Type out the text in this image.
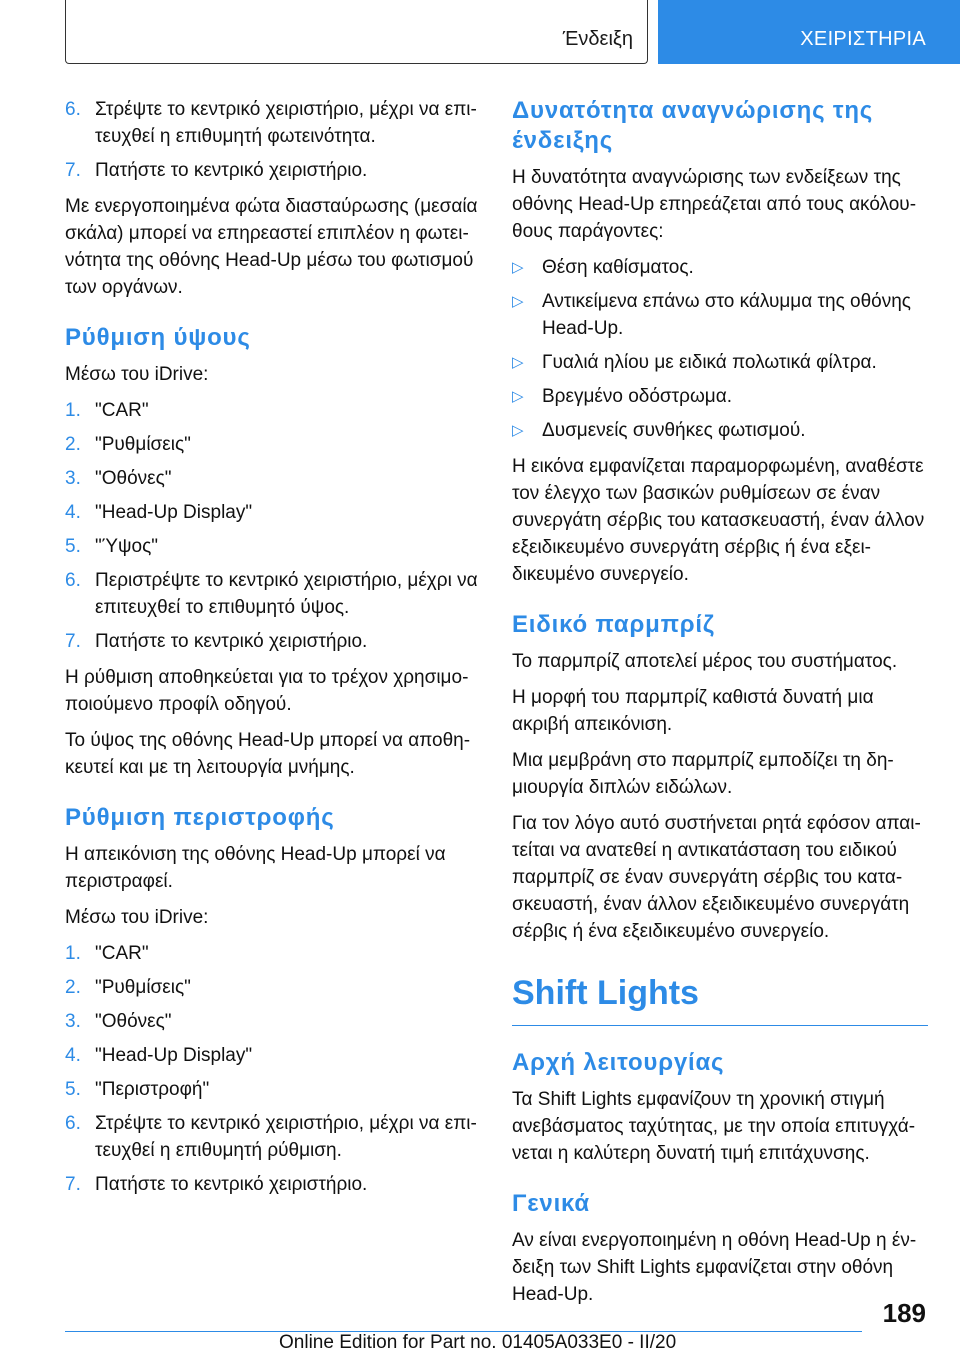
Ένδειξη	ΧΕΙΡΙΣΤΗΡΙΑ
6. Στρέψτε το κεντρικό χειριστήριο, μέχρι να επιτευχθεί η επιθυμητή φωτεινότητα.
7. Πατήστε το κεντρικό χειριστήριο.

Με ενεργοποιημένα φώτα διασταύρωσης (μεσαία σκάλα) μπορεί να επηρεαστεί επιπλέον η φωτεινότητα της οθόνης Head-Up μέσω του φωτισμού των οργάνων.

Ρύθμιση ύψους

Μέσω του iDrive:

1. "CAR"
2. "Ρυθμίσεις"
3. "Οθόνες"
4. "Head-Up Display"
5. "Ύψος"
6. Περιστρέψτε το κεντρικό χειριστήριο, μέχρι να επιτευχθεί το επιθυμητό ύψος.
7. Πατήστε το κεντρικό χειριστήριο.

Η ρύθμιση αποθηκεύεται για το τρέχον χρησιμοποιούμενο προφίλ οδηγού.

Το ύψος της οθόνης Head-Up μπορεί να αποθηκευτεί και με τη λειτουργία μνήμης.

Ρύθμιση περιστροφής

Η απεικόνιση της οθόνης Head-Up μπορεί να περιστραφεί.

Μέσω του iDrive:

1. "CAR"
2. "Ρυθμίσεις"
3. "Οθόνες"
4. "Head-Up Display"
5. "Περιστροφή"
6. Στρέψτε το κεντρικό χειριστήριο, μέχρι να επιτευχθεί η επιθυμητή ρύθμιση.
7. Πατήστε το κεντρικό χειριστήριο.
Δυνατότητα αναγνώρισης της ένδειξης

Η δυνατότητα αναγνώρισης των ενδείξεων της οθόνης Head-Up επηρεάζεται από τους ακόλουθους παράγοντες:

▷ Θέση καθίσματος.
▷ Αντικείμενα επάνω στο κάλυμμα της οθόνης Head-Up.
▷ Γυαλιά ηλίου με ειδικά πολωτικά φίλτρα.
▷ Βρεγμένο οδόστρωμα.
▷ Δυσμενείς συνθήκες φωτισμού.

Η εικόνα εμφανίζεται παραμορφωμένη, αναθέστε τον έλεγχο των βασικών ρυθμίσεων σε έναν συνεργάτη σέρβις του κατασκευαστή, έναν άλλον εξειδικευμένο συνεργάτη σέρβις ή ένα εξειδικευμένο συνεργείο.

Ειδικό παρμπρίζ

Το παρμπρίζ αποτελεί μέρος του συστήματος.

Η μορφή του παρμπρίζ καθιστά δυνατή μια ακριβή απεικόνιση.

Μια μεμβράνη στο παρμπρίζ εμποδίζει τη δημιουργία διπλών ειδώλων.

Για τον λόγο αυτό συστήνεται ρητά εφόσον απαιτείται να ανατεθεί η αντικατάσταση του ειδικού παρμπρίζ σε έναν συνεργάτη σέρβις του κατασκευαστή, έναν άλλον εξειδικευμένο συνεργάτη σέρβις ή ένα εξειδικευμένο συνεργείο.

Shift Lights
Αρχή λειτουργίας

Τα Shift Lights εμφανίζουν τη χρονική στιγμή ανεβάσματος ταχύτητας, με την οποία επιτυγχάνεται η καλύτερη δυνατή τιμή επιτάχυνσης.

Γενικά

Αν είναι ενεργοποιημένη η οθόνη Head-Up η ένδειξη των Shift Lights εμφανίζεται στην οθόνη Head-Up.

189
Online Edition for Part no. 01405A033E0 - II/20
